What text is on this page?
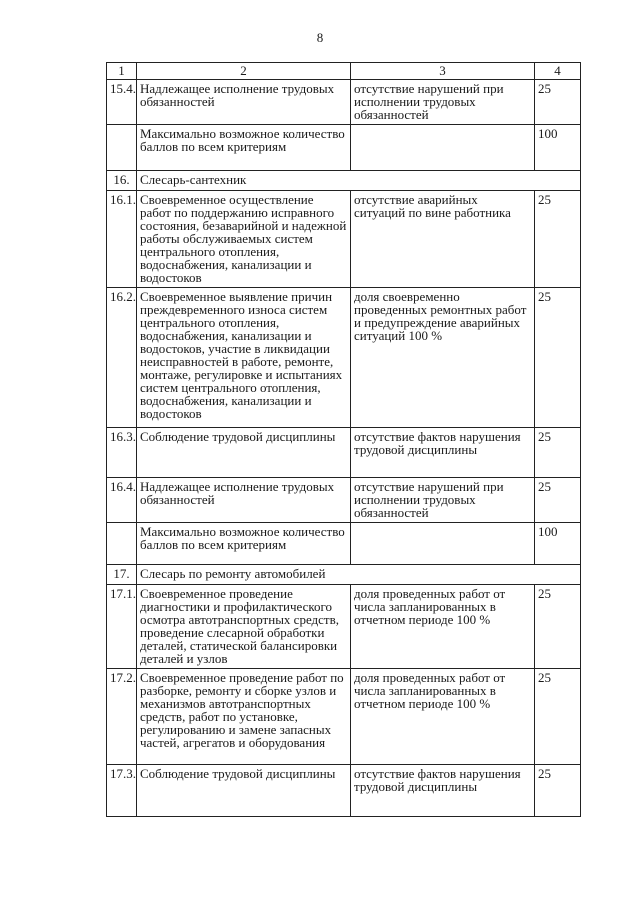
8
1	2	3	4
15.4.	Надлежащее исполнение трудовых обязанностей	отсутствие нарушений при исполнении трудовых обязанностей	25
	Максимально возможное количество баллов по всем критериям		100
16.	Слесарь-сантехник		
16.1.	Своевременное осуществление работ по поддержанию исправного состояния, безаварийной и надежной работы обслуживаемых систем центрального отопления, водоснабжения, канализации и водостоков	отсутствие аварийных ситуаций по вине работника	25
16.2.	Своевременное выявление причин преждевременного износа систем центрального отопления, водоснабжения, канализации и водостоков, участие в ликвидации неисправностей в работе, ремонте, монтаже, регулировке и испытаниях систем центрального отопления, водоснабжения, канализации и водостоков	доля своевременно проведенных ремонтных работ и предупреждение аварийных ситуаций 100 %	25
16.3.	Соблюдение трудовой дисциплины	отсутствие фактов нарушения трудовой дисциплины	25
16.4.	Надлежащее исполнение трудовых обязанностей	отсутствие нарушений при исполнении трудовых обязанностей	25
	Максимально возможное количество баллов по всем критериям		100
17.	Слесарь по ремонту автомобилей		
17.1.	Своевременное проведение диагностики и профилактического осмотра автотранспортных средств, проведение слесарной обработки деталей, статической балансировки деталей и узлов	доля проведенных работ от числа запланированных в отчетном периоде 100 %	25
17.2.	Своевременное проведение работ по разборке, ремонту и сборке узлов и механизмов автотранспортных средств, работ по установке, регулированию и замене запасных частей, агрегатов и оборудования	доля проведенных работ от числа запланированных в отчетном периоде 100 %	25
17.3.	Соблюдение трудовой дисциплины	отсутствие фактов нарушения трудовой дисциплины	25
